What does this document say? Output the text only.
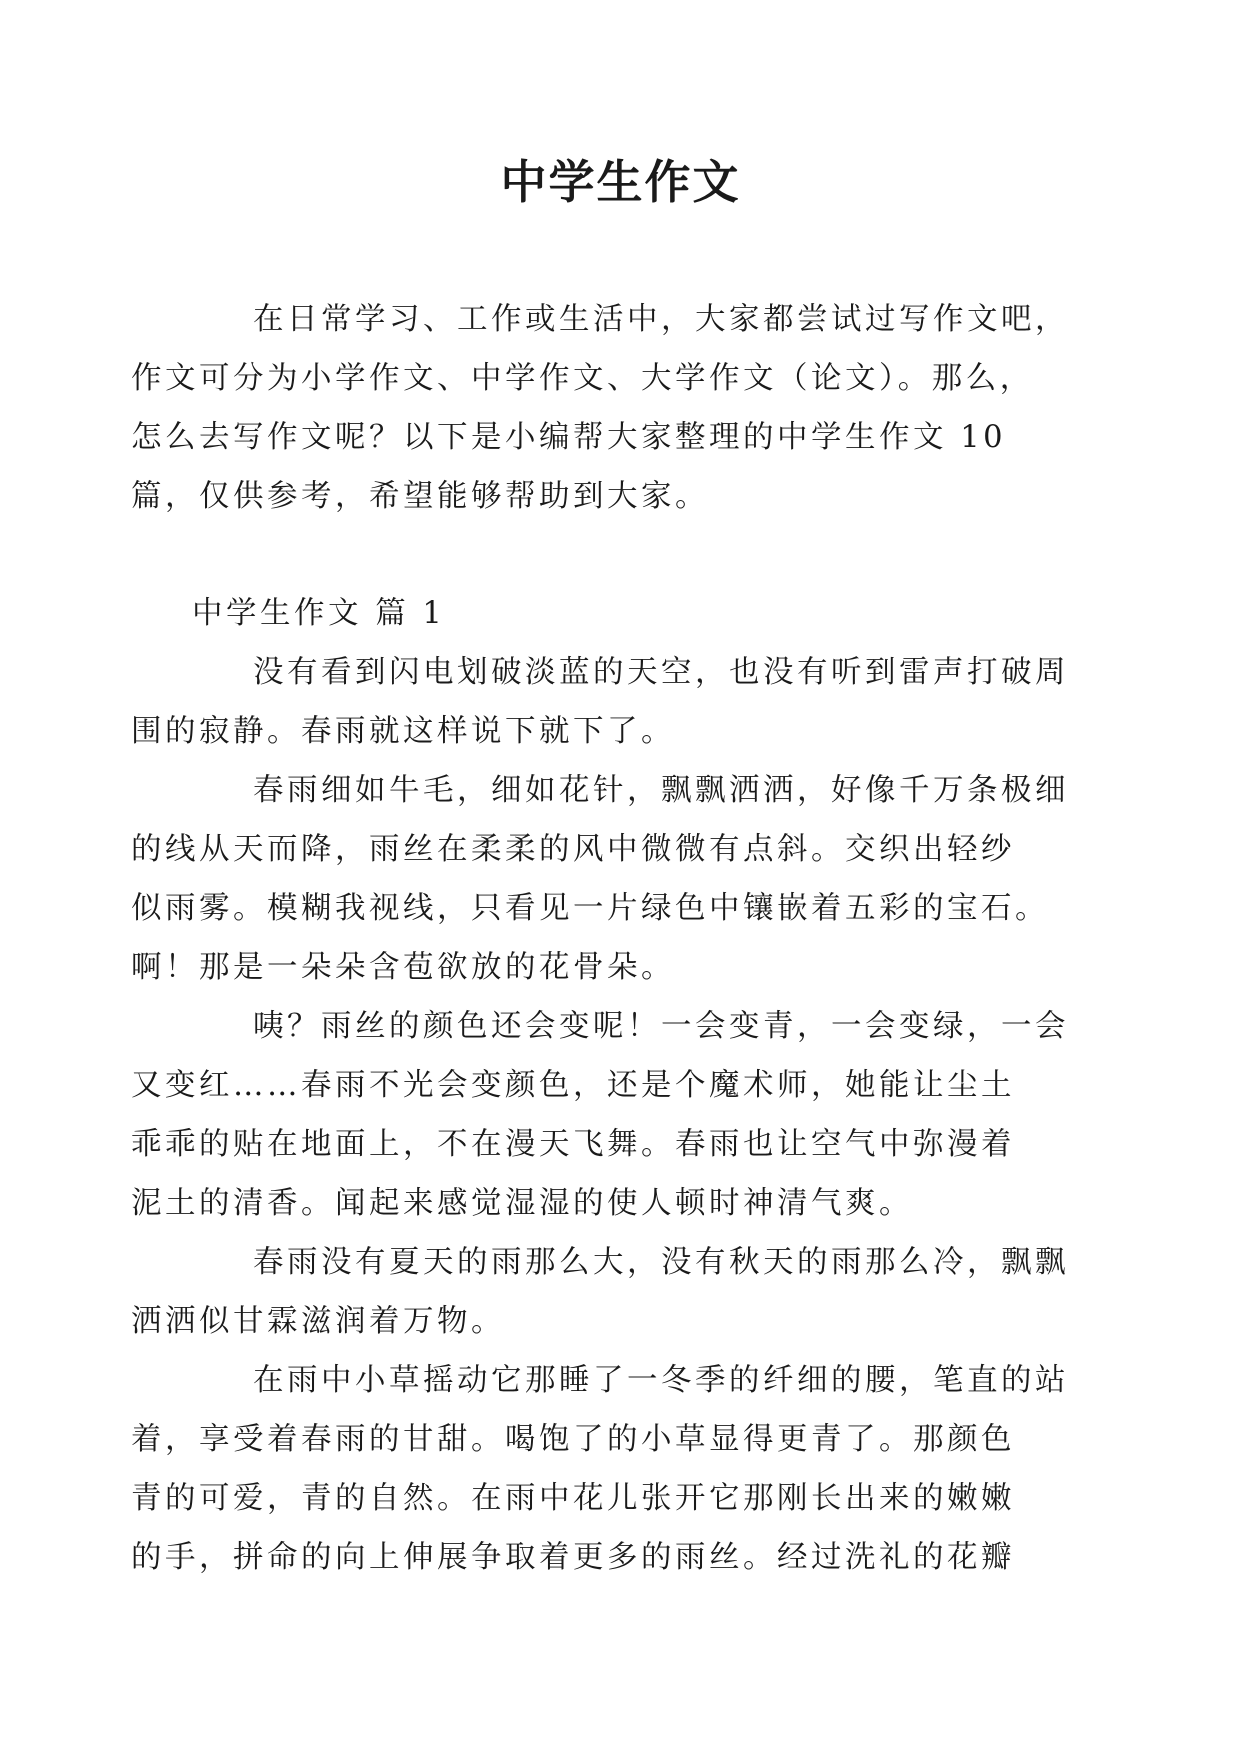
中学生作文

在日常学习、工作或生活中，大家都尝试过写作文吧，
作文可分为小学作文、中学作文、大学作文（论文）。那么，
怎么去写作文呢？以下是小编帮大家整理的中学生作文 10
篇，仅供参考，希望能够帮助到大家。

中学生作文 篇 1

没有看到闪电划破淡蓝的天空，也没有听到雷声打破周
围的寂静。春雨就这样说下就下了。

春雨细如牛毛，细如花针，飘飘洒洒，好像千万条极细
的线从天而降，雨丝在柔柔的风中微微有点斜。交织出轻纱
似雨雾。模糊我视线，只看见一片绿色中镶嵌着五彩的宝石。
啊！那是一朵朵含苞欲放的花骨朵。

咦？雨丝的颜色还会变呢！一会变青，一会变绿，一会
又变红……春雨不光会变颜色，还是个魔术师，她能让尘土
乖乖的贴在地面上，不在漫天飞舞。春雨也让空气中弥漫着
泥土的清香。闻起来感觉湿湿的使人顿时神清气爽。

春雨没有夏天的雨那么大，没有秋天的雨那么冷，飘飘
洒洒似甘霖滋润着万物。

在雨中小草摇动它那睡了一冬季的纤细的腰，笔直的站
着，享受着春雨的甘甜。喝饱了的小草显得更青了。那颜色
青的可爱，青的自然。在雨中花儿张开它那刚长出来的嫩嫩
的手，拼命的向上伸展争取着更多的雨丝。经过洗礼的花瓣
